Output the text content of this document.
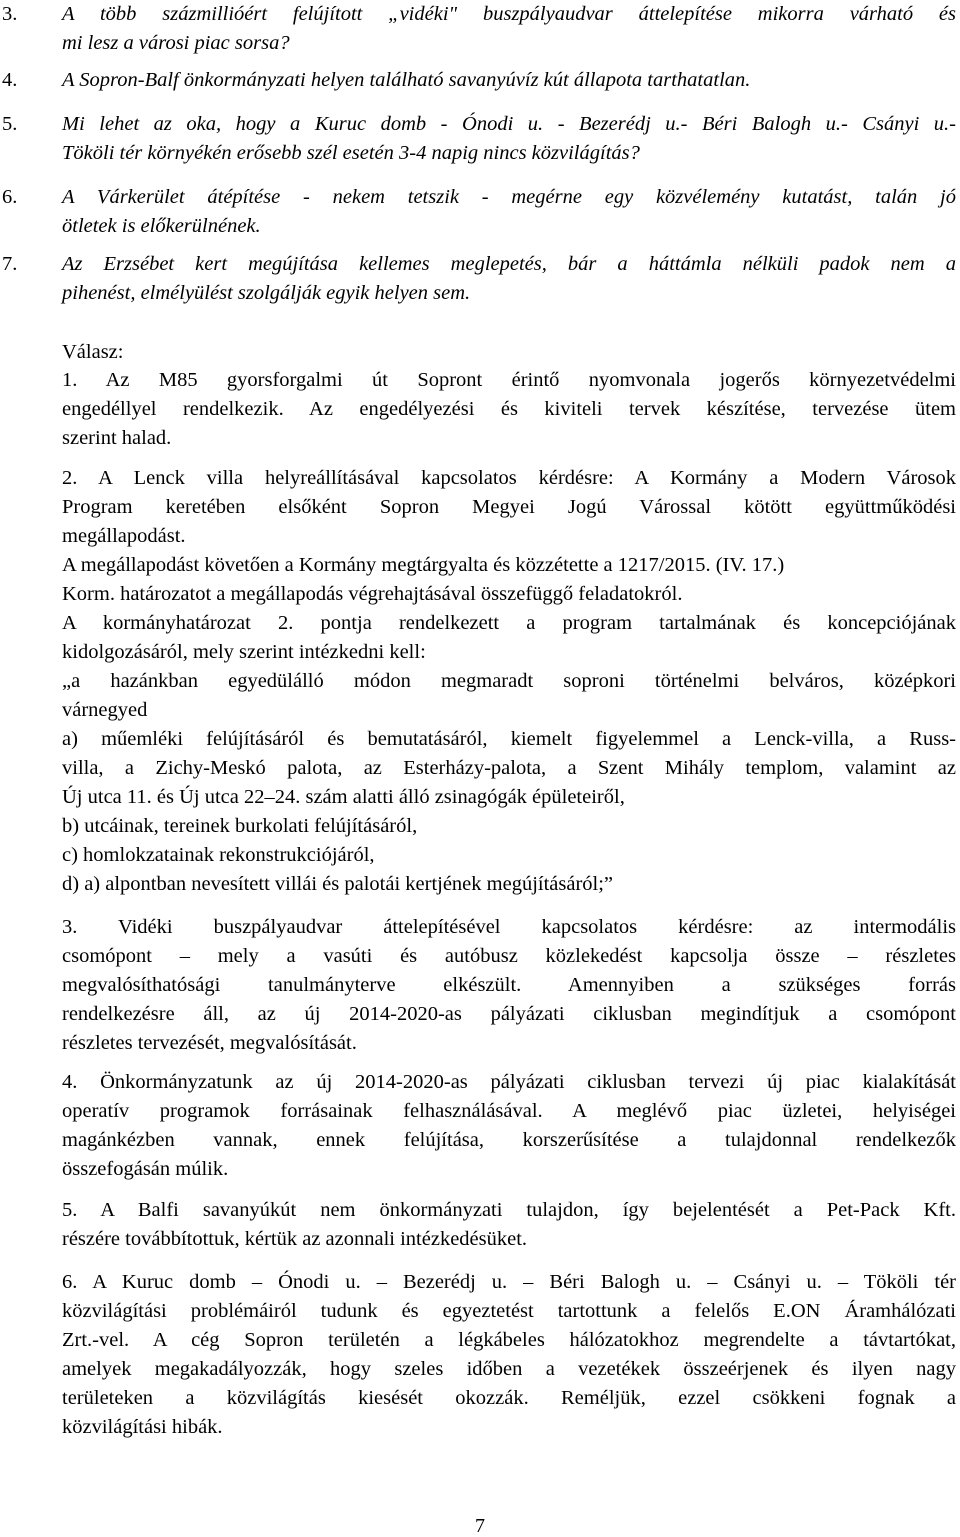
3. A több százmillióért felújított „vidéki" buszpályaudvar áttelepítése mikorra várható és
mi lesz a városi piac sorsa?
4. A Sopron-Balf önkormányzati helyen található savanyúvíz kút állapota tarthatatlan.
5. Mi lehet az oka, hogy a Kuruc domb - Ónodi u. - Bezerédj u.- Béri Balogh u.- Csányi u.-
Tököli tér környékén erősebb szél esetén 3-4 napig nincs közvilágítás?
6. A Várkerület átépítése - nekem tetszik - megérne egy közvélemény kutatást, talán jó
ötletek is előkerülnének.
7. Az Erzsébet kert megújítása kellemes meglepetés, bár a háttámla nélküli padok nem a
pihenést, elmélyülést szolgálják egyik helyen sem.
Válasz:
1. Az M85 gyorsforgalmi út Sopront érintő nyomvonala jogerős környezetvédelmi
engedéllyel rendelkezik. Az engedélyezési és kiviteli tervek készítése, tervezése ütem
szerint halad.
2. A Lenck villa helyreállításával kapcsolatos kérdésre: A Kormány a Modern Városok
Program keretében elsőként Sopron Megyei Jogú Várossal kötött együttműködési
megállapodást.
A megállapodást követően a Kormány megtárgyalta és közzétette a 1217/2015. (IV. 17.)
Korm. határozatot a megállapodás végrehajtásával összefüggő feladatokról.
A kormányhatározat 2. pontja rendelkezett a program tartalmának és koncepciójának
kidolgozásáról, mely szerint intézkedni kell:
„a hazánkban egyedülálló módon megmaradt soproni történelmi belváros, középkori
várnegyed
a) műemléki felújításáról és bemutatásáról, kiemelt figyelemmel a Lenck-villa, a Russ-
villa, a Zichy-Meskó palota, az Esterházy-palota, a Szent Mihály templom, valamint az
Új utca 11. és Új utca 22–24. szám alatti álló zsinagógák épületeiről,
b) utcáinak, tereinek burkolati felújításáról,
c) homlokzatainak rekonstrukciójáról,
d) a) alpontban nevesített villái és palotái kertjének megújításáról;”
3. Vidéki buszpályaudvar áttelepítésével kapcsolatos kérdésre: az intermodális
csomópont – mely a vasúti és autóbusz közlekedést kapcsolja össze – részletes
megvalósíthatósági tanulmányterve elkészült. Amennyiben a szükséges forrás
rendelkezésre áll, az új 2014-2020-as pályázati ciklusban megindítjuk a csomópont
részletes tervezését, megvalósítását.
4. Önkormányzatunk az új 2014-2020-as pályázati ciklusban tervezi új piac kialakítását
operatív programok forrásainak felhasználásával. A meglévő piac üzletei, helyiségei
magánkézben vannak, ennek felújítása, korszerűsítése a tulajdonnal rendelkezők
összefogásán múlik.
5. A Balfi savanyúkút nem önkormányzati tulajdon, így bejelentését a Pet-Pack Kft.
részére továbbítottuk, kértük az azonnali intézkedésüket.
6. A Kuruc domb – Ónodi u. – Bezerédj u. – Béri Balogh u. – Csányi u. – Tököli tér
közvilágítási problémáiról tudunk és egyeztetést tartottunk a felelős E.ON Áramhálózati
Zrt.-vel. A cég Sopron területén a légkábeles hálózatokhoz megrendelte a távtartókat,
amelyek megakadályozzák, hogy szeles időben a vezetékek összeérjenek és ilyen nagy
területeken a közvilágítás kiesését okozzák. Reméljük, ezzel csökkeni fognak a
közvilágítási hibák.
7
